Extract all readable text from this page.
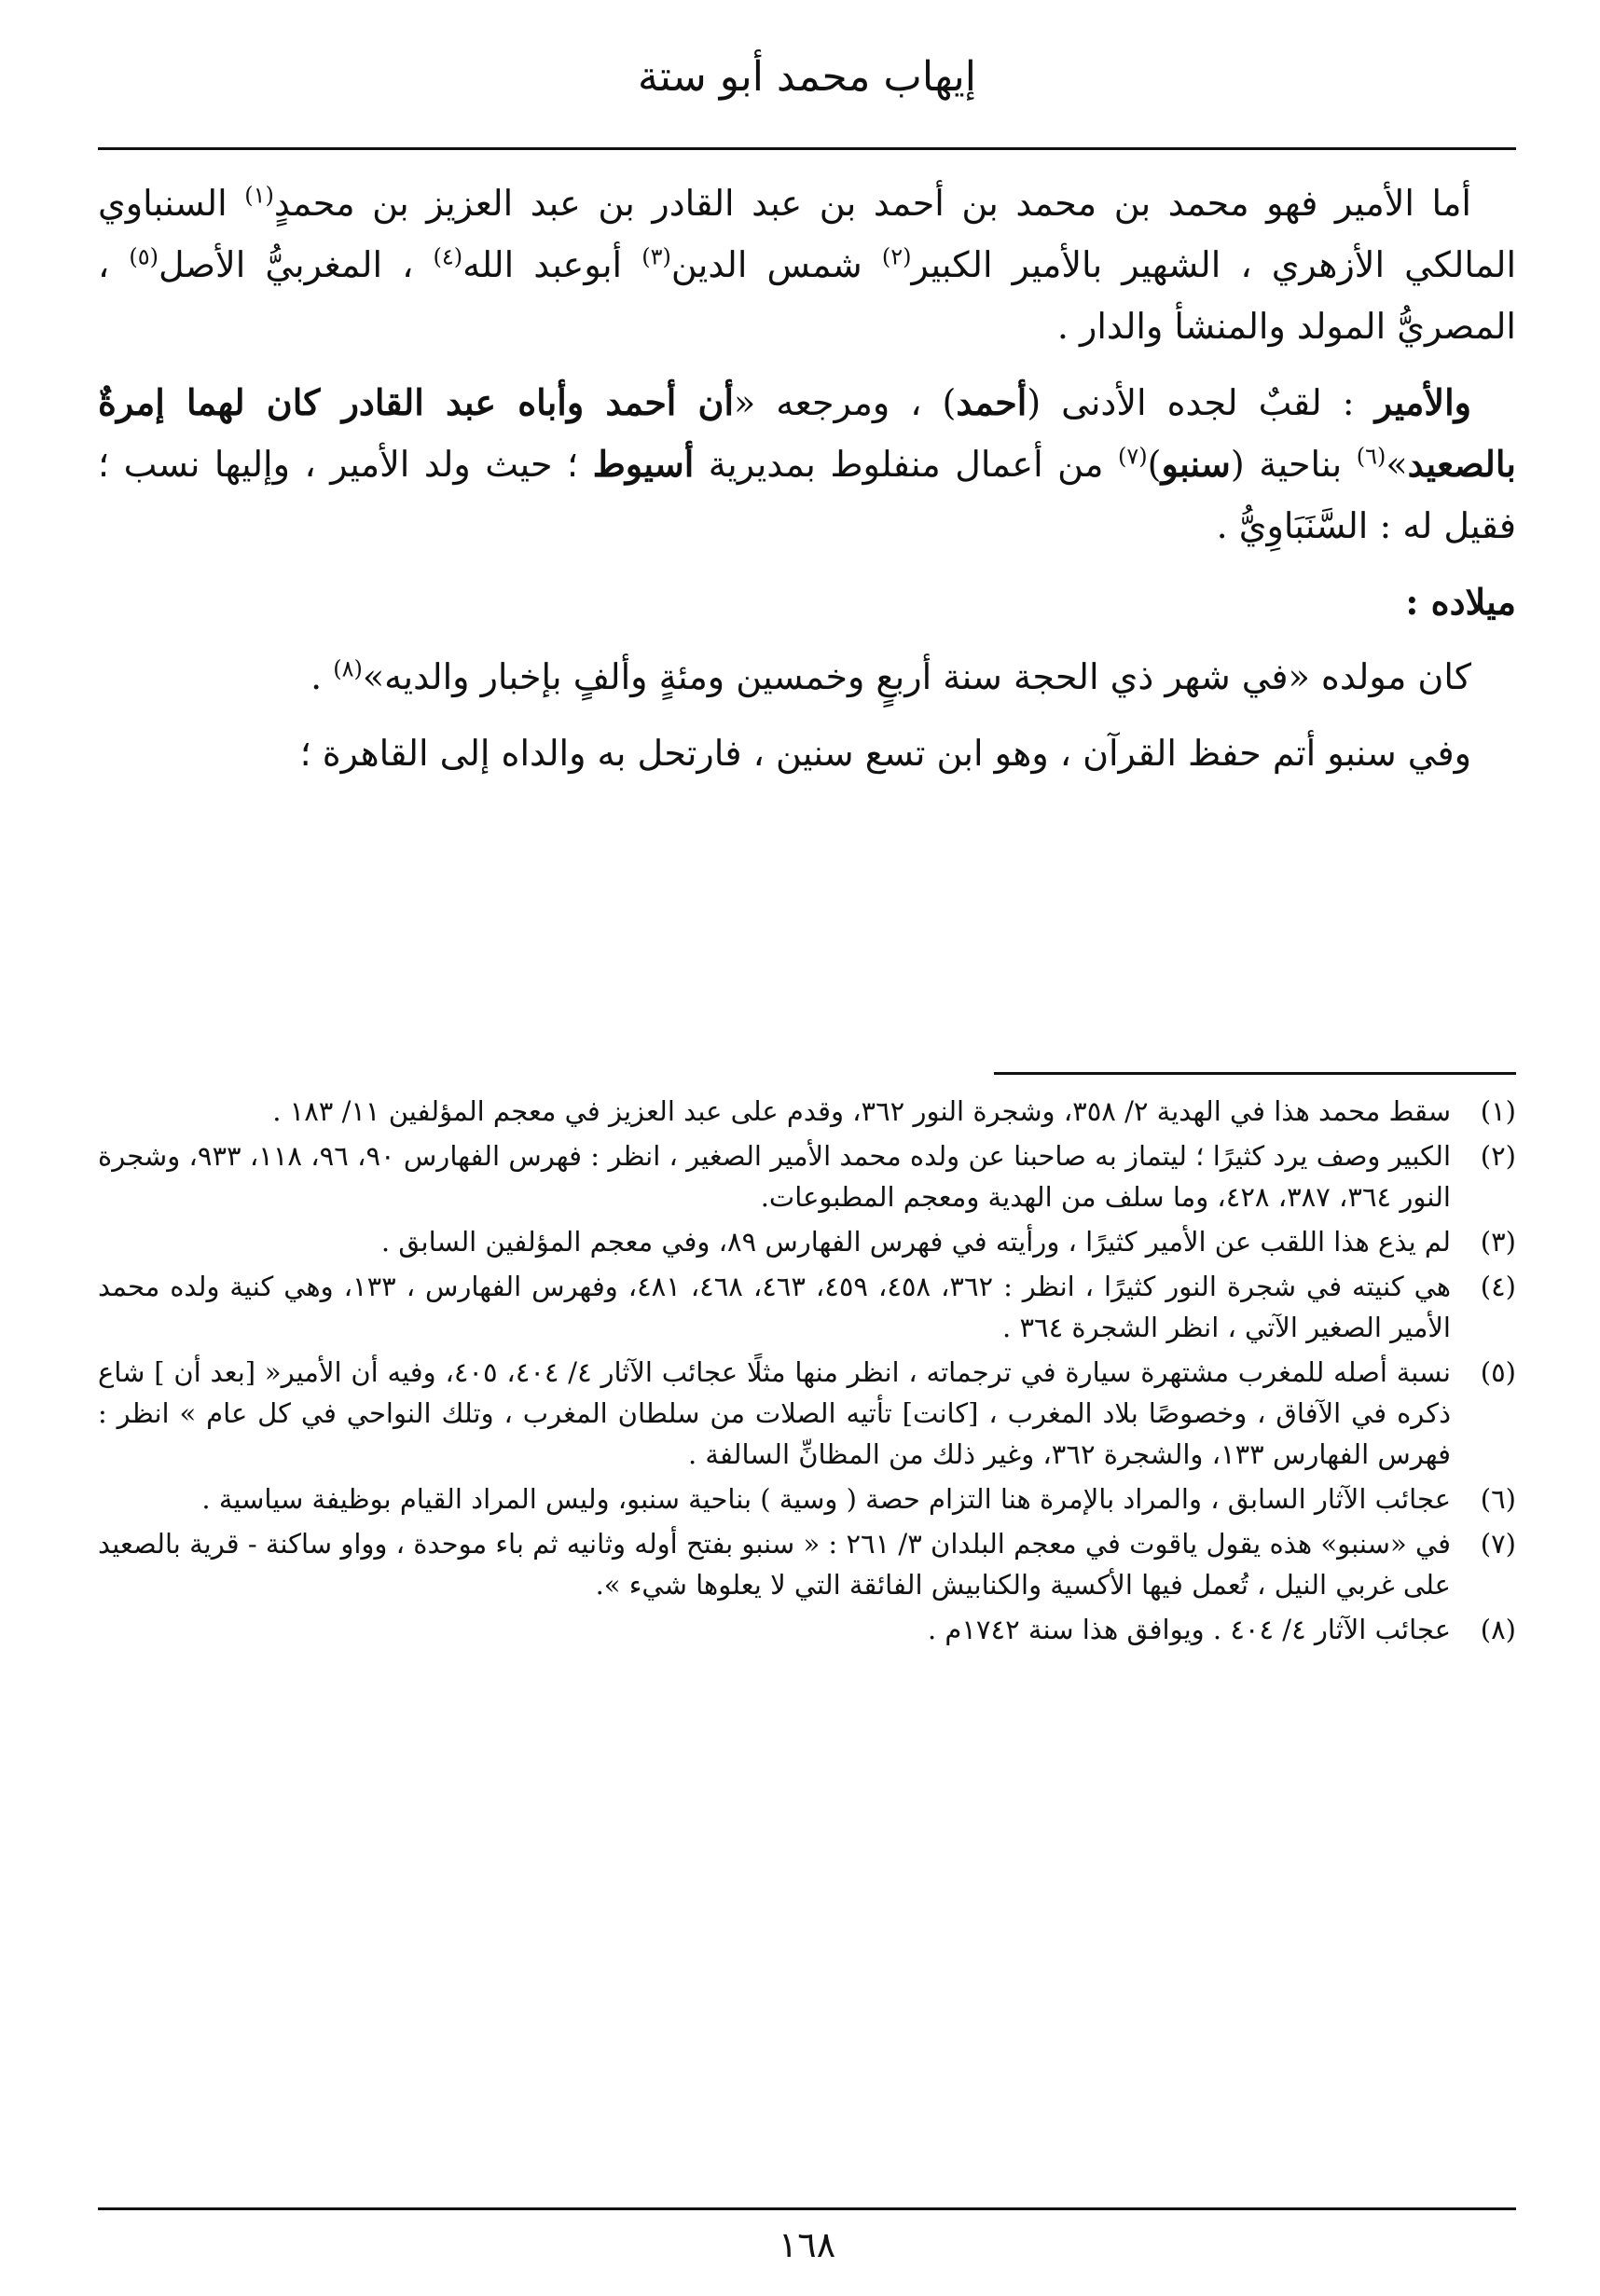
إيهاب محمد أبو ستة

أما الأمير فهو محمد بن محمد بن أحمد بن عبد القادر بن عبد العزيز بن محمدٍ$^{(١)}$ السنباوي المالكي الأزهري ، الشهير بالأمير الكبير$^{(٢)}$ شمس الدين$^{(٣)}$ أبوعبد الله$^{(٤)}$ ، المغربيُّ الأصل$^{(٥)}$ ، المصريُّ المولد والمنشأ والدار .

والأمير : لقبٌ لجده الأدنى (أحمد) ، ومرجعه «أن أحمد وأباه عبد القادر كان لهما إمرةٌ بالصعيد»$^{(٦)}$ بناحية (سنبو)$^{(٧)}$ من أعمال منفلوط بمديرية أسيوط ؛ حيث ولد الأمير ، وإليها نسب ؛ فقيل له : السَّنَبَاوِيُّ .

ميلاده :

كان مولده «في شهر ذي الحجة سنة أربعٍ وخمسين ومئةٍ وألفٍ بإخبار والديه»$^{(٨)}$ .

وفي سنبو أتم حفظ القرآن ، وهو ابن تسع سنين ، فارتحل به والداه إلى القاهرة ؛

(١)
سقط محمد هذا في الهدية ٢/ ٣٥٨، وشجرة النور ٣٦٢، وقدم على عبد العزيز في معجم المؤلفين ١١/ ١٨٣ .
(٢)
الكبير وصف يرد كثيرًا ؛ ليتماز به صاحبنا عن ولده محمد الأمير الصغير ، انظر : فهرس الفهارس ٩٠، ٩٦، ١١٨، ٩٣٣، وشجرة النور ٣٦٤، ٣٨٧، ٤٢٨، وما سلف من الهدية ومعجم المطبوعات.
(٣)
لم يذع هذا اللقب عن الأمير كثيرًا ، ورأيته في فهرس الفهارس ٨٩، وفي معجم المؤلفين السابق .
(٤)
هي كنيته في شجرة النور كثيرًا ، انظر : ٣٦٢، ٤٥٨، ٤٥٩، ٤٦٣، ٤٦٨، ٤٨١، وفهرس الفهارس ، ١٣٣، وهي كنية ولده محمد الأمير الصغير الآتي ، انظر الشجرة ٣٦٤ .
(٥)
نسبة أصله للمغرب مشتهرة سيارة في ترجماته ، انظر منها مثلًا عجائب الآثار ٤/ ٤٠٤، ٤٠٥، وفيه أن الأمير« [بعد أن ] شاع ذكره في الآفاق ، وخصوصًا بلاد المغرب ، [كانت] تأتيه الصلات من سلطان المغرب ، وتلك النواحي في كل عام » انظر : فهرس الفهارس ١٣٣، والشجرة ٣٦٢، وغير ذلك من المظانِّ السالفة .
(٦)
عجائب الآثار السابق ، والمراد بالإمرة هنا التزام حصة ( وسية ) بناحية سنبو، وليس المراد القيام بوظيفة سياسية .
(٧)
في «سنبو» هذه يقول ياقوت في معجم البلدان ٣/ ٢٦١ : « سنبو بفتح أوله وثانيه ثم باء موحدة ، وواو ساكنة - قرية بالصعيد على غربي النيل ، تُعمل فيها الأكسية والكنابيش الفائقة التي لا يعلوها شيء ».
(٨)
عجائب الآثار ٤/ ٤٠٤ . ويوافق هذا سنة ١٧٤٢م .
١٦٨
